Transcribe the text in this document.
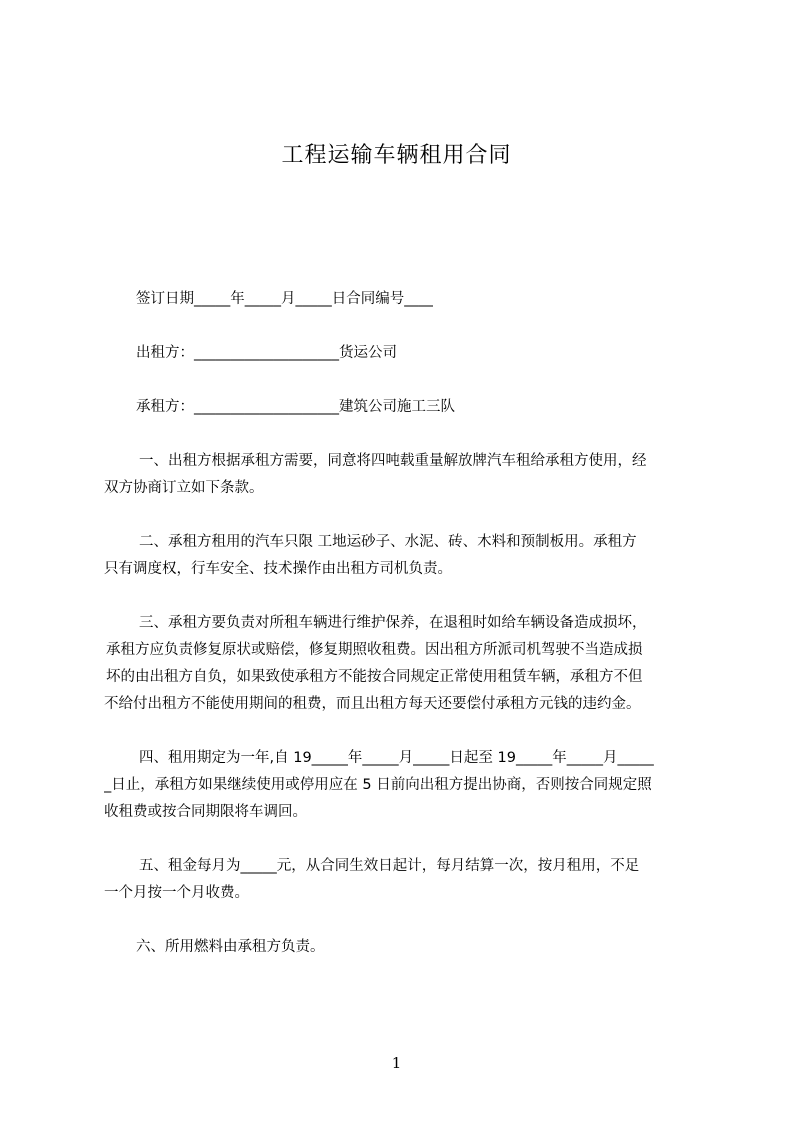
工程运输车辆租用合同
签订日期_____年_____月_____日合同编号____
出租方：____________________货运公司
承租方：____________________建筑公司施工三队
一、出租方根据承租方需要，同意将四吨载重量解放牌汽车租给承租方使用，经
双方协商订立如下条款。
二、承租方租用的汽车只限 工地运砂子、水泥、砖、木料和预制板用。承租方
只有调度权，行车安全、技术操作由出租方司机负责。
三、承租方要负责对所租车辆进行维护保养，在退租时如给车辆设备造成损坏，
承租方应负责修复原状或赔偿，修复期照收租费。因出租方所派司机驾驶不当造成损
坏的由出租方自负，如果致使承租方不能按合同规定正常使用租赁车辆，承租方不但
不给付出租方不能使用期间的租费，而且出租方每天还要偿付承租方元钱的违约金。
四、租用期定为一年,自 19_____年_____月_____日起至 19_____年_____月_____
_日止，承租方如果继续使用或停用应在 5 日前向出租方提出协商，否则按合同规定照
收租费或按合同期限将车调回。
五、租金每月为_____元，从合同生效日起计，每月结算一次，按月租用，不足
一个月按一个月收费。
六、所用燃料由承租方负责。
1
